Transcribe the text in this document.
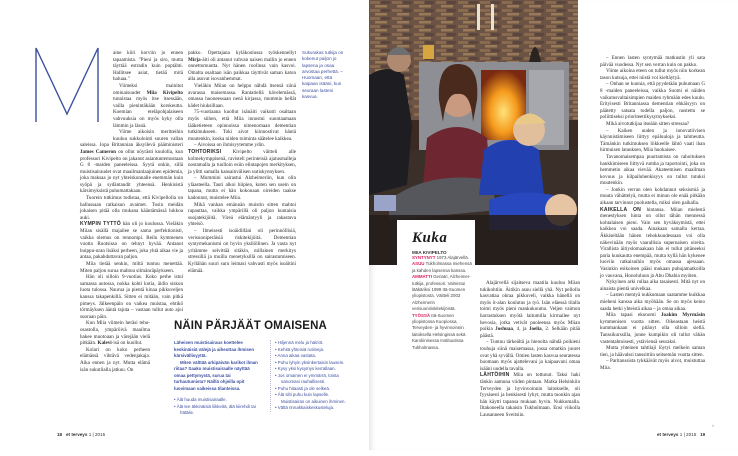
aine kiiri korviin jo ennen tapaamista. "Pieni ja siro, mutta täyttää estradin kuin poptähti. Hallitsee asiat, tietää mitä haluaa."

Viimeksi mainitut ominaisuudet Miia Kivipelto tunnistaa myös itse itsessään, vailla pienintäkään korskeutta. Koemian eteläpohjalaiseen vahvuuksia on myös kyky olla lämmin ja läsnä.

Viime aikoisin meritteihin kuuluu sukkulointi suuren vallan saleissa. Jopa Britannian äksyilevä pääministeri James Cameron on ollut nöyrästi kuulolla, kun professori Kivipelto on jakanut asiantuntemustaan G 8 -maiden paneeleissa. Syytä onkin, sillä muistisairaudet ovat maailmanlaajuinen epidemia, joka maksaa jo nyt yhteiskunnalle enemmän kuin syöpä ja sydäntaudit yhteensä. Henkisistä kärsimyksistä puhumattakaan.

Tuorein tutkimus todistaa, että Kivipellolla on hallussaan ratkaisun avaimet. Tosin meidän jokaisen pitää olla mukana kääntämässä lukkoa auki.

KYMPIN TYTTÖ hän oli jo koulussa. Vieläkin Miian sisällä majailee se sama perfektionisti, vaikka olemus on rennompi. Reilu kymmenen vuotta Ruotsissa on tehnyt hyvää. Antanut huippu-uran lisäksi perheen, joka yhtä aikaa vie ja antaa, pakahduttavan paljon.

Miia tietää senkin, miltä tuntuu menettää. Miten paljon surua mahtuu silmänräpäykseen.

Hän oli silloin 9-vuotias. Koko perhe istui samassa autossa, nokka kohti kotia, äidin siskon luota tulossa. Naurua ja pientä kinaa pikkuveljen kanssa takapenkillä. Sitten ei mitään, vain pitkä pimeys. Jälkeenpäin on vaikea muistaa, ehtikö törmäyksen ääntä tajuta – vastaan tullut auto ajoi suoraan päin.

Kun Miia viimein heräsi teho-osastolla, ympäröivä maailma hakee muotoaan ja värejään vielä pitkään. Kalevi-isä on kuollut.

Kolari on koko perheen elämässä vihtävä vedenjakaja. Aika ennen ja nyt. Mutta elämä isän sukutilalla jatkuu. On

pakko. Opettajana kyläkoulussa työskennellyt Mirja-äiti oli antanut vahvan naisen mallin jo ennen onnettomuutta. Nyt hänen roolinsa vain kasvoi. Omalta osaltaan isän paikkaa täyttivät saman katon alla asuvat isovanhemmat.

Vieläkin Miian on helppo nähdä itsensä siinä avarassa maisemassa. Rantatiellä kävelemässä, omassa huoneessaan nenä kirjassa, mummin hellät kädet hiuksillaan.

75-vuotiaana kuollut isänäiti vaikutti osaltaan myös siihen, että Miia innostui suuntaamaan lääketieteen opinnoissa nimenomaan dementian tutkimukseen. Toki aivot kiinnostivat häntä muutenkin, koska niiden toiminta säätelee kaikkea.

– Aivoissa on ihmisyytemme ydin.

TOHTORIKSI Kivipelto väitteli alle kolmekymppisenä, ravisteli perinteisiä ajatusmalleja nostamalla ja tuolloin esiin elintapojen merkityksen, ja ylitti samalla kansainvälisen uutiskynnyksen.

– Mummini sairastui Alzheimeriin, kun olin yläasteella. Tauti alkoi hiipien, kuten sen usein on tapana, mutta ei hän kokonaan oireiden taakse kadonnut, muistelee Miia.

Mikä vanhan emännän muistin sitten mahtoi rapauttaa, vaikka ympärillä oli paljon kuntaisia suojatekijöitä. Vireä elämäntyyli ja rakastava yhteisö.

– Ilmeisesti isoäidilläni oli perinnöllisiä, verisuoniperäisiä riskitekijöitä. Dementian syntymekanismi on hyvin yksilöllinen. Ja vasta nyt yritämme selvittää sitäkin, millainen merkitys stressillä ja muilla menetyksillä on sairastumiseen. Kyllähän suuri suru leimasi vahvasti myös isoäitini elämää.

Sukurakas tutkija on kokenut paljon jo lapsena ja osaa arvostaa perhettä. – Huomaan, että kaipaan isääni, kun seuraan lasteni kasvua.
NÄIN PÄRJÄÄT OMAISENA
Läheisen muistisairaus koettelee keskinäisiä välejä ja aiheuttaa ihmisen kärsivällisyyttä.
Miten välttää arkipäivän karikot ilman riitaa? Saako muistisairaalle näyttää omaa pettymystä, surua tai turhautumista? Näillä ohjeilla opit luovimaan vaikeissa tilanteissa.
• Älä huuda muistisairaalle.
• Älä tee äkkinäisiä liikkeitä, älä kiirehdi tai hätäile.
• Hiljennä melu ja häiriöt.
• Kehitä yhteisiä rutiineja.
• Anna aikaa vastata.
• Puhu lyhyin yksinkertaisin lausein.
• Kysy yksi kysymys kerrallaan.
• Jos omainen ei ymmärrä, toista sanomasi rauhallisesti.
• Puhu hitaasti ja ole selkeä.
• Älä silti puhu kuin lapselle. Muistisairas on aikuinen ihminen.
• Vältä rinnakkaiskeskusteluja.
18 et terveys 1 | 2015
Kuka
MIIA KIVIPELTO
SYNTYNYT 1973 Alajärvellä.
ASUU Tukholmassa miehensä ja kahden lapsensa kanssa.
AMMATTI Geriatri, Alzheimer-tutkija, professori. Valmistui lääkäriksi 1999 Itä-Suomen yliopistosta. Väitteli 2002 Alzheimerin verisuoniriskitekijöistä.
TYÖSSÄ Itä-Suomen yliopistossa Kuopiossa, Terveyden- ja hyvinvoinnin laitoksella Helsingissä sekä Karoliinisessa Instituutissa Tukholmassa.

Alajärvellä sijaitseva maatila kuuluu Miian tukikohtiin. Äitikin asuu siellä yhä. Nyt pellolla kasvattaa ohraa pikkuveli, vaikka hänellä on myös it-alan koulutus ja työ. Isän eläessä tilalla toimi myös pieni mankukoumo. Veljen vaimon harrastuksen myötä laitumilla kirmailee nyt hevosia, jotka vetivät puoleensa myös Miian poikia Joshuaa, 4, ja Joelia, 2. Selkään pitää päästä.

– Tuntuu tärkeältä ja hienolta nähdä poikieni touhuja siinä maisemassa, jossa omatkin juuret ovat yhä syvällä. Omien lasten kasvua seuratessa huomaan myös ajattelevani ja kaipaavani omaa isääni uudella tavalla.

LÄHTÖIHIN Miia on tottunut. Taksi haki tänkin aamuna viiden pintaan. Matka Helsinkiin Terveyden ja hyvinvoinnin laitokselle, oli fyysisesti ja henkisesti lyhyt, mutta tuonkin ajan hän käytti tapansa mukaan hyvin. Nukkumalla. Iltakoneella takaisin Tukholmaan. Ensi viikolla Lausanneen Sveitsiin.

– Ennen lasten syntymää matkustin yli sata päivää vuodessa. Nyt sen verran kuin on pakko.

Viime aikoina eteen on tullut myös niin korkean tason kutsuja, ettei niistä voi kieltäytyä.

– Onhan se kunnia, että pyydetään puhumaan G 8 -maiden paneeleissa, vaikka Suomi ei näiden vaikutusvaltaisimpien maiden ryhmään edes kuulu. Erityisesti Britanniassa dementian ehkäisyyn on päätetty satsata todella paljon, nostettu se poliittiseksi prioriteettikysymykseksi.

Mikä aivotutkijaa itseään sitten stressaa?

– Kaiken uuden ja innovatiivisen käynnistämiseen liittyy epäluuloja ja tahmeutta. Tämänkin tutkimuksen liikkeelle lähtö vaati ihan hirmuisen latauksen, Miia huokaisee.

Tavanomaisempaa puurtamista on rahoituksen hankkimiseen liittyvä rumba ja raportointi, joka on hemmetin aikaa vievää. Akateemisen maailman kovuus ja kilpailuhenkisyys on tullut tutuksi muutenkin.

– Jonkin verran olen kohdannut seksismiä ja muuta vähättelyä, mutta ei minun ole enää pitkään aikaan tarvinnut puolustella, miksi olen paikalla.

KAIKELLA ON hintansa. Miian mielestä menestyksen hinta on ollut tähän mennessä kohtalaisen pieni. Vain sen hyväksymistä, ettei kaikkea voi saada. Ainakaan samalla kertaa. Äkkiseltään hänen tehokkuudessaan voi olla näkevinään myös vaarallisia supernaisen oireita. Virallista äitiyslomaakaan hän ei tullut pitäneeksi paria kuukautta enempää, mutta kyllä hän kykenee luoviin ratkaisuihin myös omassa ajessaan. Vasinkin esikoinen pääsi mukaan puhujamatkoilla jo vauvana, Honoluluun ja Abu Dhabia myöten.

Nykyinen arki rullaa aika tasaisesti. Mitä nyt on ainaista pientä univelkaa.

– Lasten mentyä nukkumaan saatamme kuikkaa mieheni kanssa aika myöhään. Se on myös keino saada hetki yhteistä aikaa – ja omaa aikaa.

Miia tapasi ekonomi Joakim Myrmäsin kymmenisen vuotta sitten. Oikeastaan heistä kummankaan ei pitänyt olla silloin siellä. Tanssikurssilla, jonne kumpikin oli tullut vähän vastentahtoisesti, ystäviensä seuraksi.

Mutta yhteinen tahtilaji löytyi melkein saman tien, ja häävalssi tanssittiin seitsemän vuotta sitten.

– Paritanssista tykkäävät myös aivot, muistuttaa Miia.

›
et terveys 1 | 2015 19
